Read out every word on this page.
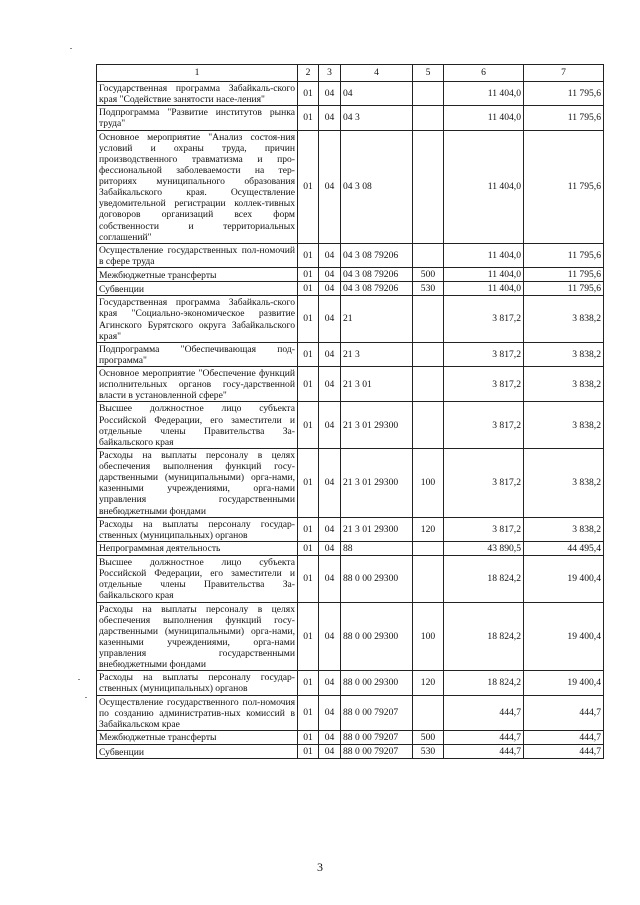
1	2	3	4	5	6	7
Государственная программа Забайкаль-ского края "Содействие занятости насе-ления"	01	04	04		11 404,0	11 795,6
Подпрограмма "Развитие институтов рынка труда"	01	04	04 3		11 404,0	11 795,6
Основное мероприятие "Анализ состоя-ния условий и охраны труда, причин производственного травматизма и про-фессиональной заболеваемости на тер-риториях муниципального образования Забайкальского края. Осуществление уведомительной регистрации коллек-тивных договоров организаций всех форм собственности и территориальных соглашений"	01	04	04 3 08		11 404,0	11 795,6
Осуществление государственных пол-номочий в сфере труда	01	04	04 3 08 79206		11 404,0	11 795,6
Межбюджетные трансферты	01	04	04 3 08 79206	500	11 404,0	11 795,6
Субвенции	01	04	04 3 08 79206	530	11 404,0	11 795,6
Государственная программа Забайкаль-ского края "Социально-экономическое развитие Агинского Бурятского округа Забайкальского края"	01	04	21		3 817,2	3 838,2
Подпрограмма "Обеспечивающая под-программа"	01	04	21 3		3 817,2	3 838,2
Основное мероприятие "Обеспечение функций исполнительных органов госу-дарственной власти в установленной сфере"	01	04	21 3 01		3 817,2	3 838,2
Высшее должностное лицо субъекта Российской Федерации, его заместители и отдельные члены Правительства За-байкальского края	01	04	21 3 01 29300		3 817,2	3 838,2
Расходы на выплаты персоналу в целях обеспечения выполнения функций госу-дарственными (муниципальными) орга-нами, казенными учреждениями, орга-нами управления государственными внебюджетными фондами	01	04	21 3 01 29300	100	3 817,2	3 838,2
Расходы на выплаты персоналу государ-ственных (муниципальных) органов	01	04	21 3 01 29300	120	3 817,2	3 838,2
Непрограммная деятельность	01	04	88		43 890,5	44 495,4
Высшее должностное лицо субъекта Российской Федерации, его заместители и отдельные члены Правительства За-байкальского края	01	04	88 0 00 29300		18 824,2	19 400,4
Расходы на выплаты персоналу в целях обеспечения выполнения функций госу-дарственными (муниципальными) орга-нами, казенными учреждениями, орга-нами управления государственными внебюджетными фондами	01	04	88 0 00 29300	100	18 824,2	19 400,4
Расходы на выплаты персоналу государ-ственных (муниципальных) органов	01	04	88 0 00 29300	120	18 824,2	19 400,4
Осуществление государственного пол-номочия по созданию административ-ных комиссий в Забайкальском крае	01	04	88 0 00 79207		444,7	444,7
Межбюджетные трансферты	01	04	88 0 00 79207	500	444,7	444,7
Субвенции	01	04	88 0 00 79207	530	444,7	444,7
3
